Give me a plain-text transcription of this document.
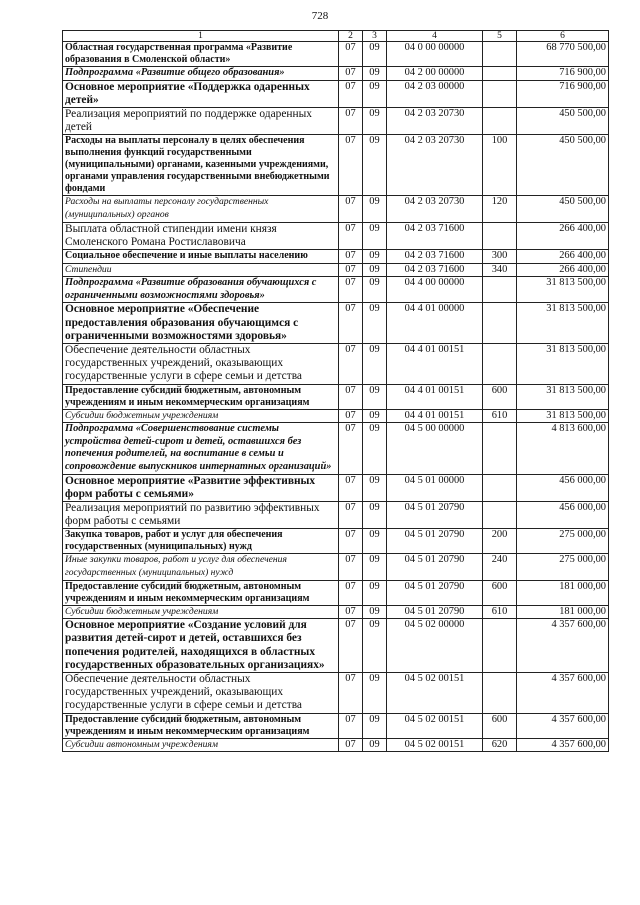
728
1	2	3	4	5	6
Областная государственная программа «Развитие образования в Смоленской области»	07	09	04 0 00 00000		68 770 500,00
Подпрограмма «Развитие общего образования»	07	09	04 2 00 00000		716 900,00
Основное мероприятие «Поддержка одаренных детей»	07	09	04 2 03 00000		716 900,00
Реализация мероприятий по поддержке одаренных детей	07	09	04 2 03 20730		450 500,00
Расходы на выплаты персоналу в целях обеспечения выполнения функций государственными (муниципальными) органами, казенными учреждениями, органами управления государственными внебюджетными фондами	07	09	04 2 03 20730	100	450 500,00
Расходы на выплаты персоналу государственных (муниципальных) органов	07	09	04 2 03 20730	120	450 500,00
Выплата областной стипендии имени князя Смоленского Романа Ростиславовича	07	09	04 2 03 71600		266 400,00
Социальное обеспечение и иные выплаты населению	07	09	04 2 03 71600	300	266 400,00
Стипендии	07	09	04 2 03 71600	340	266 400,00
Подпрограмма «Развитие образования обучающихся с ограниченными возможностями здоровья»	07	09	04 4 00 00000		31 813 500,00
Основное мероприятие «Обеспечение предоставления образования обучающимся с ограниченными возможностями здоровья»	07	09	04 4 01 00000		31 813 500,00
Обеспечение деятельности областных государственных учреждений, оказывающих государственные услуги в сфере семьи и детства	07	09	04 4 01 00151		31 813 500,00
Предоставление субсидий бюджетным, автономным учреждениям и иным некоммерческим организациям	07	09	04 4 01 00151	600	31 813 500,00
Субсидии бюджетным учреждениям	07	09	04 4 01 00151	610	31 813 500,00
Подпрограмма «Совершенствование системы устройства детей-сирот и детей, оставшихся без попечения родителей, на воспитание в семьи и сопровождение выпускников интернатных организаций»	07	09	04 5 00 00000		4 813 600,00
Основное мероприятие «Развитие эффективных форм работы с семьями»	07	09	04 5 01 00000		456 000,00
Реализация мероприятий по развитию эффективных форм работы с семьями	07	09	04 5 01 20790		456 000,00
Закупка товаров, работ и услуг для обеспечения государственных (муниципальных) нужд	07	09	04 5 01 20790	200	275 000,00
Иные закупки товаров, работ и услуг для обеспечения государственных (муниципальных) нужд	07	09	04 5 01 20790	240	275 000,00
Предоставление субсидий бюджетным, автономным учреждениям и иным некоммерческим организациям	07	09	04 5 01 20790	600	181 000,00
Субсидии бюджетным учреждениям	07	09	04 5 01 20790	610	181 000,00
Основное мероприятие «Создание условий для развития детей-сирот и детей, оставшихся без попечения родителей, находящихся в областных государственных образовательных организациях»	07	09	04 5 02 00000		4 357 600,00
Обеспечение деятельности областных государственных учреждений, оказывающих государственные услуги в сфере семьи и детства	07	09	04 5 02 00151		4 357 600,00
Предоставление субсидий бюджетным, автономным учреждениям и иным некоммерческим организациям	07	09	04 5 02 00151	600	4 357 600,00
Субсидии автономным учреждениям	07	09	04 5 02 00151	620	4 357 600,00
